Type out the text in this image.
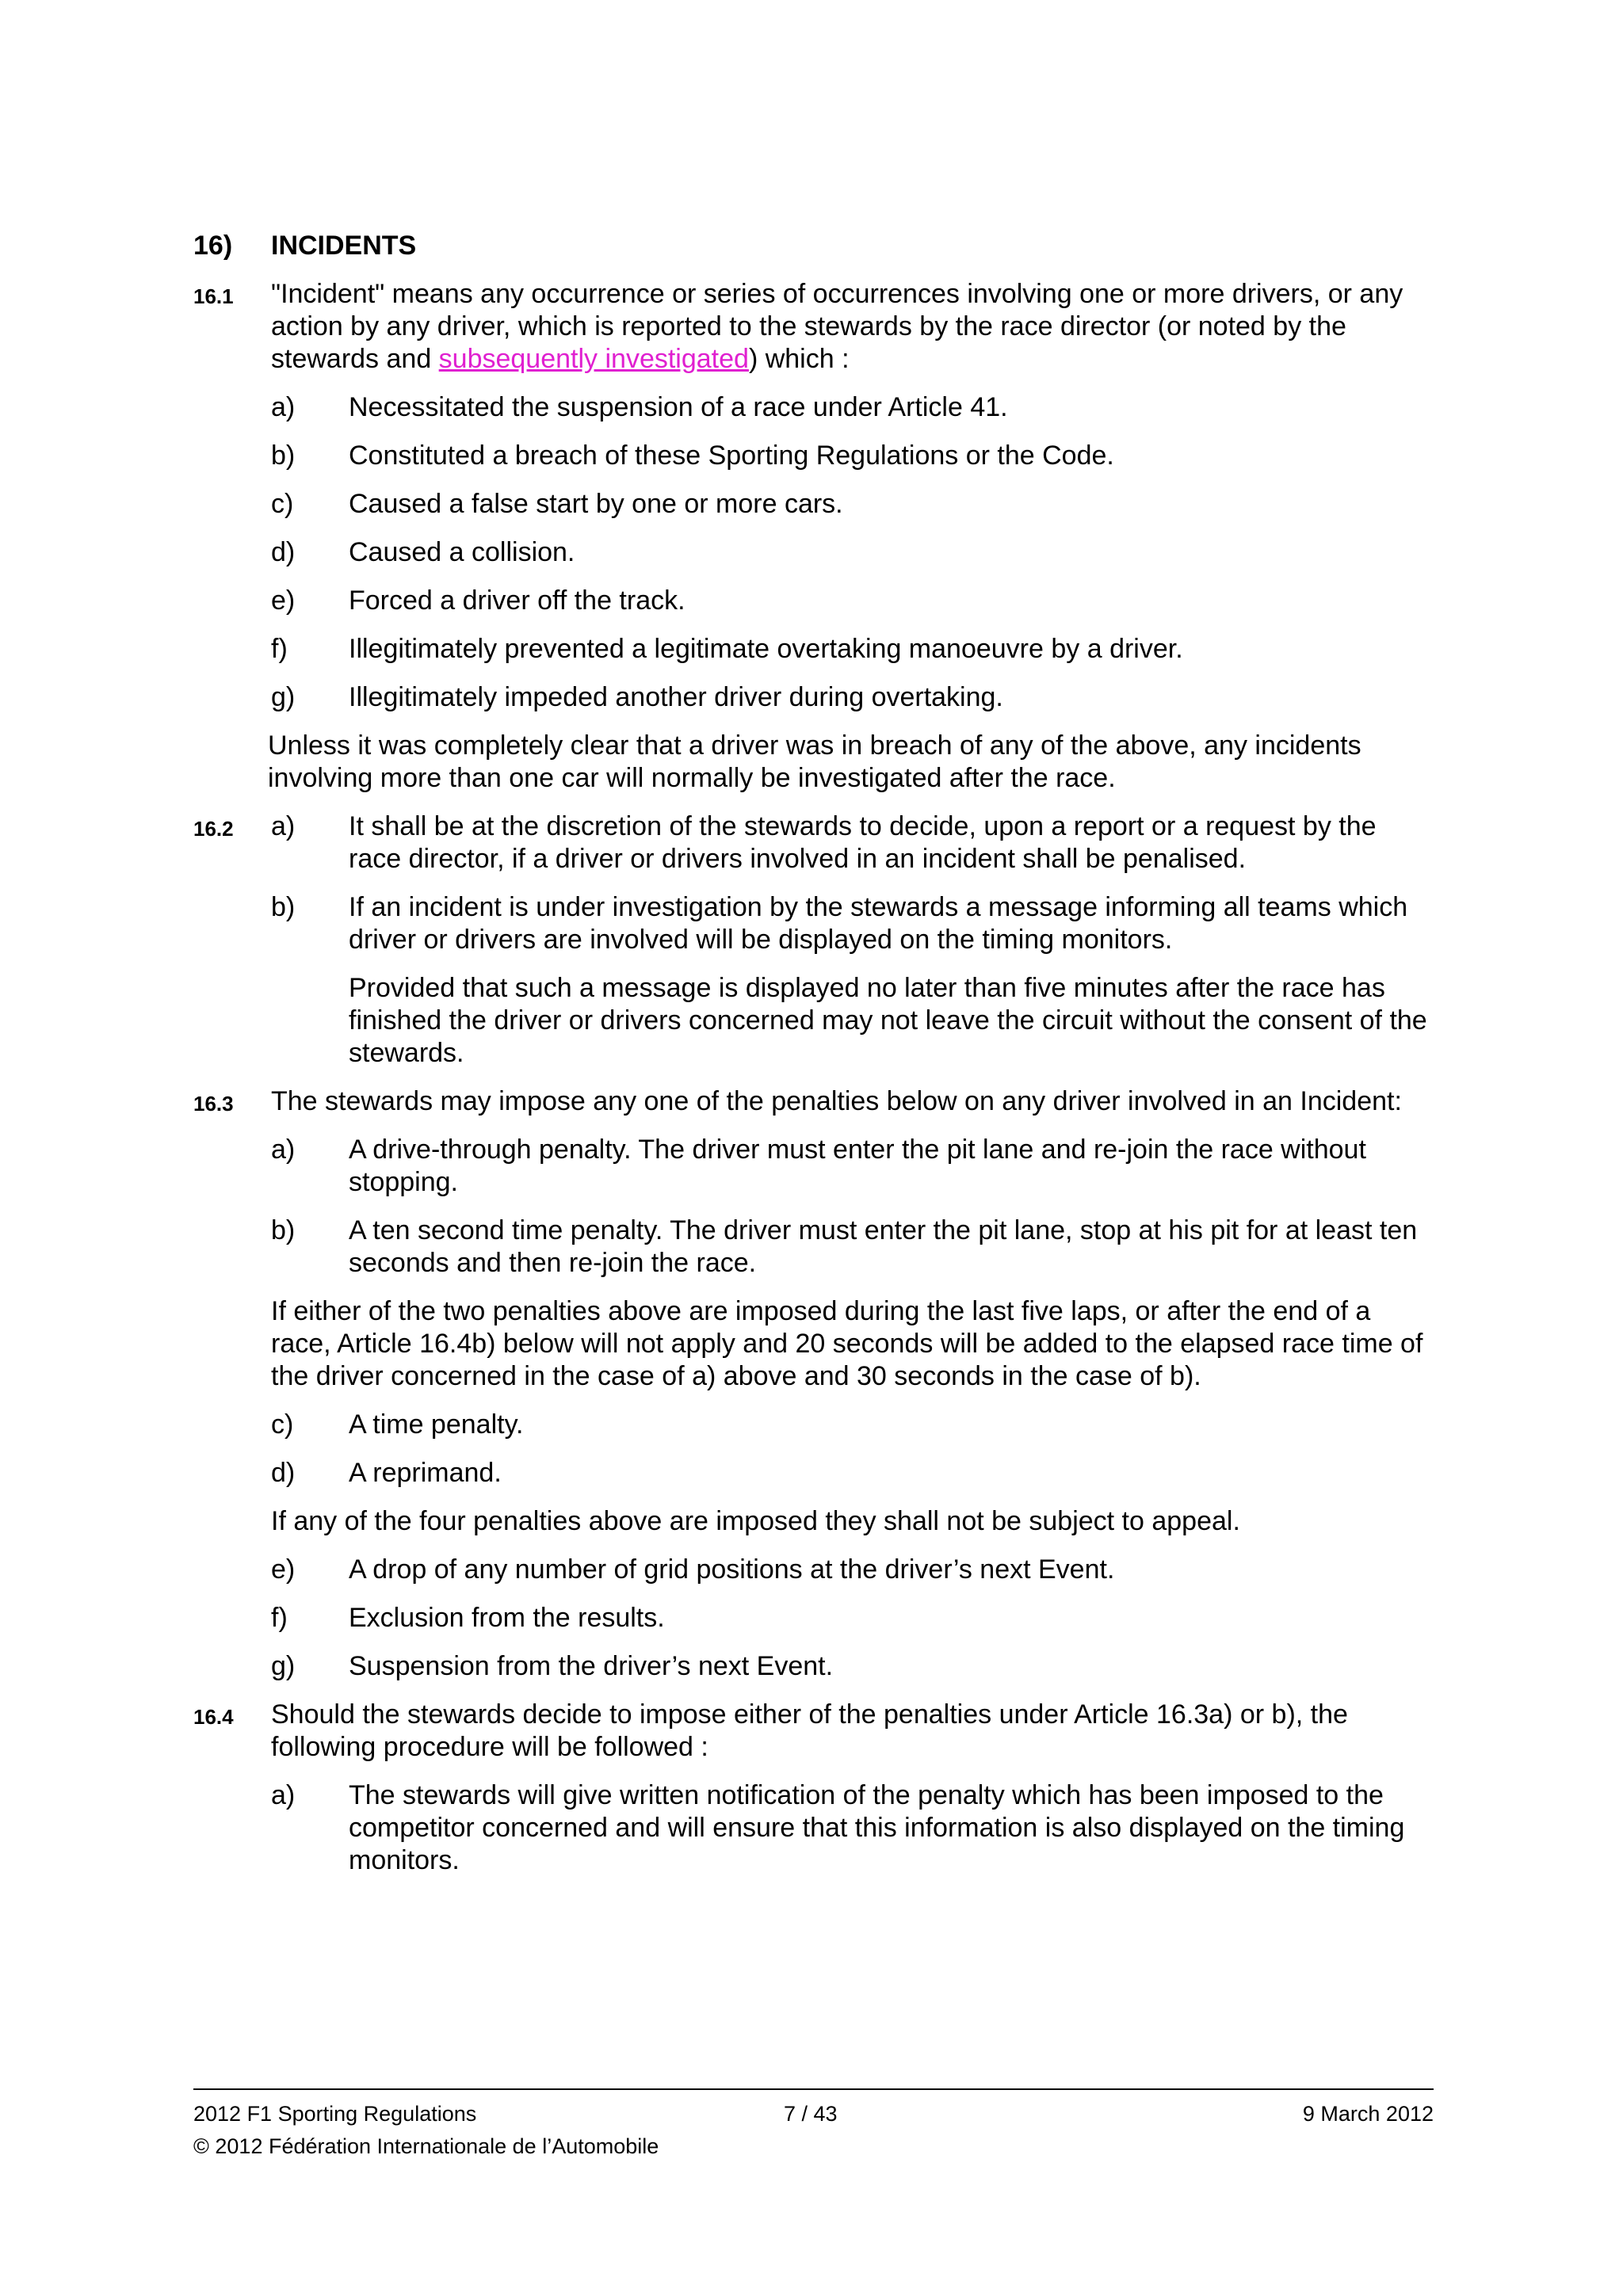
16)	INCIDENTS
16.1	"Incident" means any occurrence or series of occurrences involving one or more drivers, or any action by any driver, which is reported to the stewards by the race director (or noted by the stewards and subsequently investigated) which :

a)	Necessitated the suspension of a race under Article 41.
b)	Constituted a breach of these Sporting Regulations or the Code.
c)	Caused a false start by one or more cars.
d)	Caused a collision.
e)	Forced a driver off the track.
f)	Illegitimately prevented a legitimate overtaking manoeuvre by a driver.
g)	Illegitimately impeded another driver during overtaking.
Unless it was completely clear that a driver was in breach of any of the above, any incidents involving more than one car will normally be investigated after the race.
16.2	a)	It shall be at the discretion of the stewards to decide, upon a report or a request by the race director, if a driver or drivers involved in an incident shall be penalised.
b)	If an incident is under investigation by the stewards a message informing all teams which driver or drivers are involved will be displayed on the timing monitors.
Provided that such a message is displayed no later than five minutes after the race has finished the driver or drivers concerned may not leave the circuit without the consent of the stewards.
16.3	The stewards may impose any one of the penalties below on any driver involved in an Incident:

a)	A drive-through penalty. The driver must enter the pit lane and re-join the race without stopping.
b)	A ten second time penalty. The driver must enter the pit lane, stop at his pit for at least ten seconds and then re-join the race.
If either of the two penalties above are imposed during the last five laps, or after the end of a race, Article 16.4b) below will not apply and 20 seconds will be added to the elapsed race time of the driver concerned in the case of a) above and 30 seconds in the case of b).
c)	A time penalty.
d)	A reprimand.
If any of the four penalties above are imposed they shall not be subject to appeal.
e)	A drop of any number of grid positions at the driver’s next Event.
f)	Exclusion from the results.
g)	Suspension from the driver’s next Event.
16.4	Should the stewards decide to impose either of the penalties under Article 16.3a) or b), the following procedure will be followed :

a)	The stewards will give written notification of the penalty which has been imposed to the competitor concerned and will ensure that this information is also displayed on the timing monitors.
2012 F1 Sporting Regulations	7 / 43	9 March 2012
© 2012 Fédération Internationale de l’Automobile
